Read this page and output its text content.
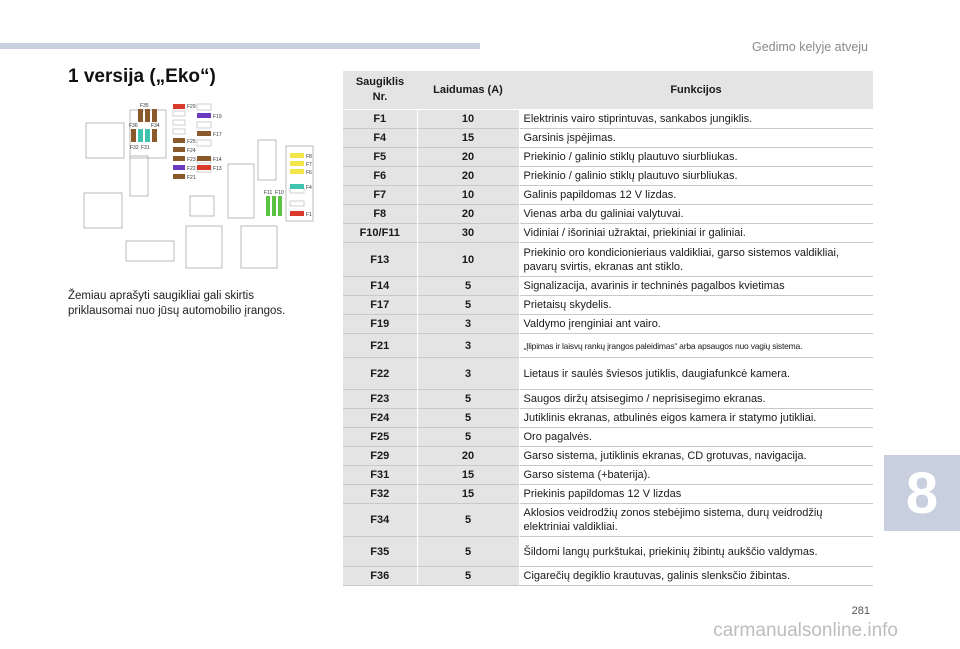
Gedimo kelyje atveju
1 versija („Eko“)
F35	F29
F19
F17
F36	F34
F32 F31
F25
F24
F23
F22
F21
F14
F13
F11 F10
F8
F7
F6
F4
F1
Žemiau aprašyti saugikliai gali skirtis priklausomai nuo jūsų automobilio įrangos.
Saugiklis Nr.	Laidumas (A)	Funkcijos
F1	10	Elektrinis vairo stiprintuvas, sankabos jungiklis.
F4	15	Garsinis įspėjimas.
F5	20	Priekinio / galinio stiklų plautuvo siurbliukas.
F6	20	Priekinio / galinio stiklų plautuvo siurbliukas.
F7	10	Galinis papildomas 12 V lizdas.
F8	20	Vienas arba du galiniai valytuvai.
F10/F11	30	Vidiniai / išoriniai užraktai, priekiniai ir galiniai.
F13	10	Priekinio oro kondicionieriaus valdikliai, garso sistemos valdikliai, pavarų svirtis, ekranas ant stiklo.
F14	5	Signalizacija, avarinis ir techninės pagalbos kvietimas
F17	5	Prietaisų skydelis.
F19	3	Valdymo įrenginiai ant vairo.
F21	3	„Įlipimas ir laisvų rankų įrangos paleidimas“ arba apsaugos nuo vagių sistema.
F22	3	Lietaus ir saulės šviesos jutiklis, daugiafunkcė kamera.
F23	5	Saugos diržų atsisegimo / neprisisegimo ekranas.
F24	5	Jutiklinis ekranas, atbulinės eigos kamera ir statymo jutikliai.
F25	5	Oro pagalvės.
F29	20	Garso sistema, jutiklinis ekranas, CD grotuvas, navigacija.
F31	15	Garso sistema (+baterija).
F32	15	Priekinis papildomas 12 V lizdas
F34	5	Aklosios veidrodžių zonos stebėjimo sistema, durų veidrodžių elektriniai valdikliai.
F35	5	Šildomi langų purkštukai, priekinių žibintų aukščio valdymas.
F36	5	Cigarečių degiklio krautuvas, galinis slenksčio žibintas.
8
281
carmanualsonline.info
